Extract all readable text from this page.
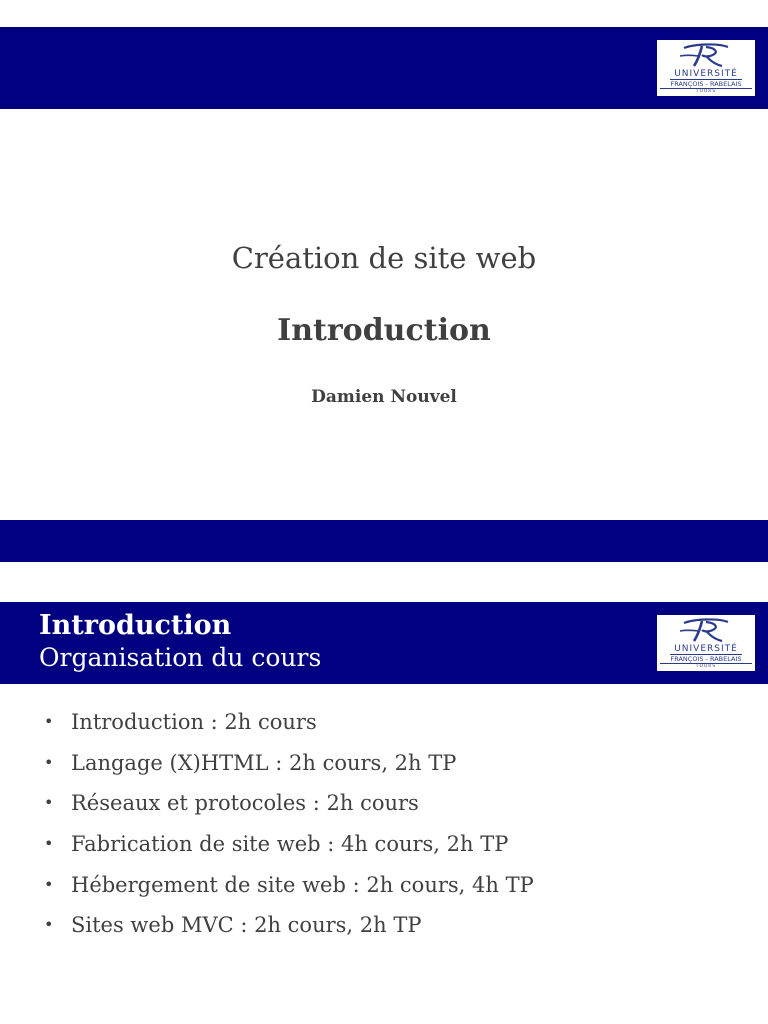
UNIVERSITÉ
FRANÇOIS - RABELAIS
TOURS
Création de site web
Introduction
Damien Nouvel
UNIVERSITÉ
FRANÇOIS - RABELAIS
TOURS
Introduction
Organisation du cours
• Introduction : 2h cours
• Langage (X)HTML : 2h cours, 2h TP
• Réseaux et protocoles : 2h cours
• Fabrication de site web : 4h cours, 2h TP
• Hébergement de site web : 2h cours, 4h TP
• Sites web MVC : 2h cours, 2h TP
